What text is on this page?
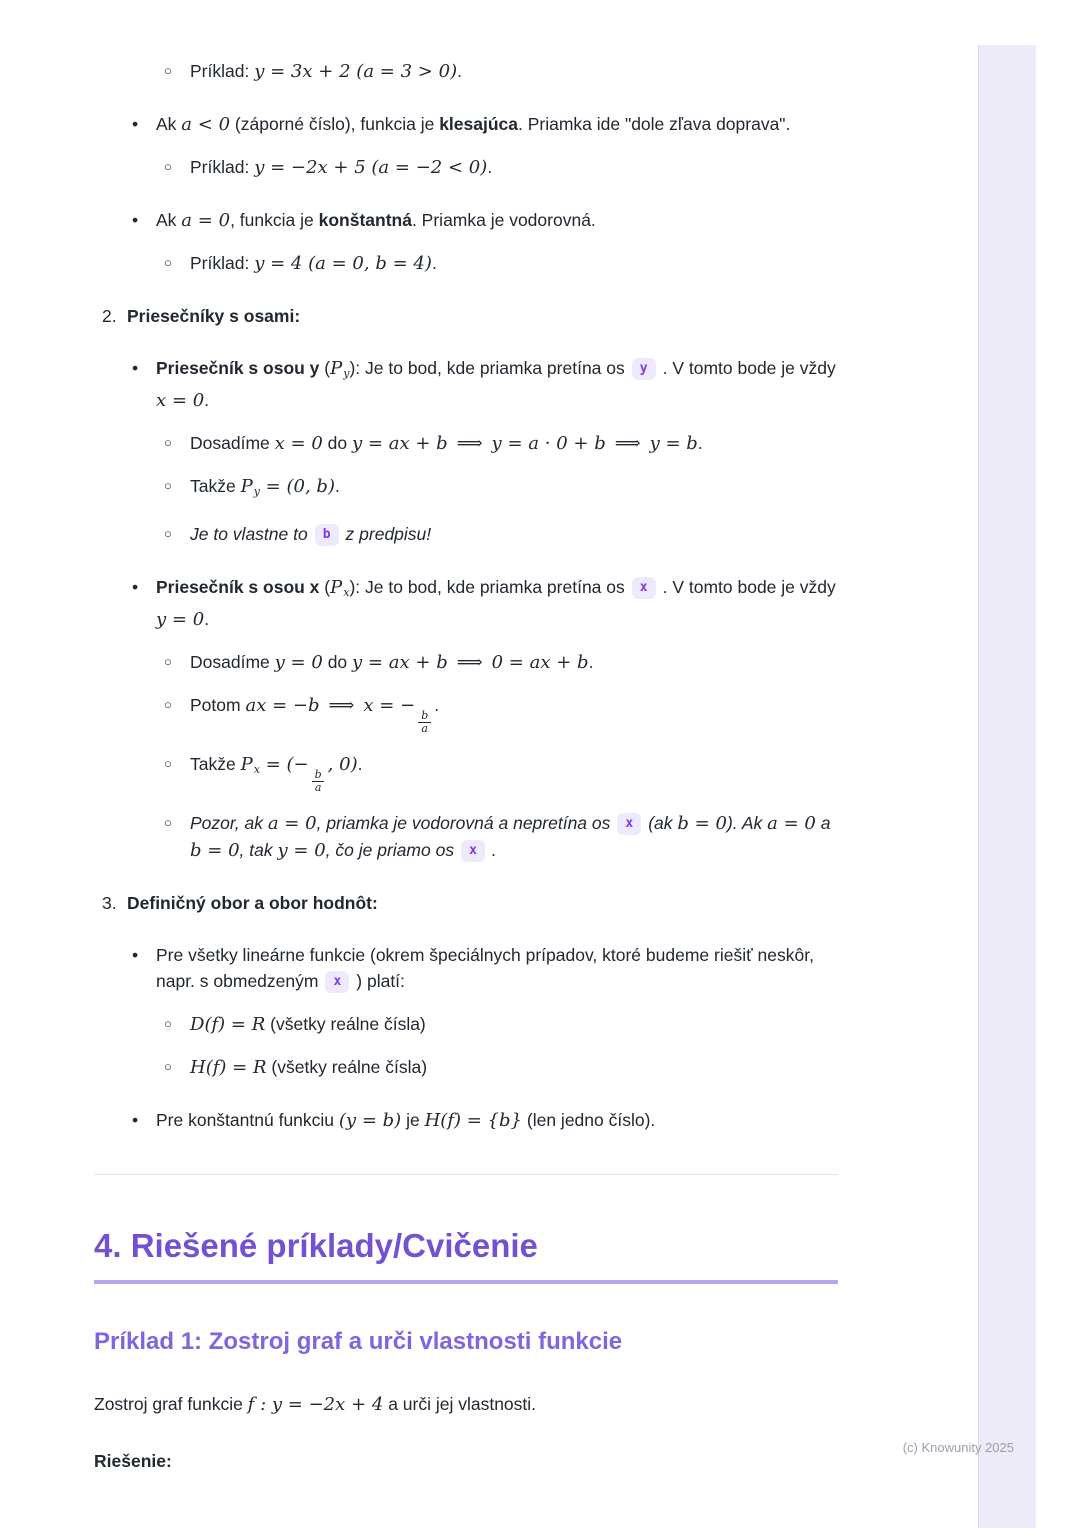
○ Príklad: y = 3x + 2 (a = 3 > 0).
• Ak a < 0 (záporné číslo), funkcia je klesajúca. Priamka ide "dole zľava doprava".
○ Príklad: y = −2x + 5 (a = −2 < 0).
• Ak a = 0, funkcia je konštantná. Priamka je vodorovná.
○ Príklad: y = 4 (a = 0, b = 4).
2. Priesečníky s osami:
• Priesečník s osou y (Py): Je to bod, kde priamka pretína os y . V tomto bode je vždy x = 0.
○ Dosadíme x = 0 do y = ax + b ⟹ y = a · 0 + b ⟹ y = b.
○ Takže Py = (0, b).
○ Je to vlastne to b z predpisu!
• Priesečník s osou x (Px): Je to bod, kde priamka pretína os x . V tomto bode je vždy y = 0.
○ Dosadíme y = 0 do y = ax + b ⟹ 0 = ax + b.
○ Potom ax = −b ⟹ x = −
$\frac{b}{a}$
.
○ Takže Px = (−
$\frac{b}{a}$
, 0).
○ Pozor, ak a = 0, priamka je vodorovná a nepretína os x (ak b = 0). Ak a = 0 a b = 0, tak y = 0, čo je priamo os x .
3. Definičný obor a obor hodnôt:
• Pre všetky lineárne funkcie (okrem špeciálnych prípadov, ktoré budeme riešiť neskôr, napr. s obmedzeným x ) platí:
○ D(f) = R (všetky reálne čísla)
○ H(f) = R (všetky reálne čísla)
• Pre konštantnú funkciu (y = b) je H(f) = {b} (len jedno číslo).
4. Riešené príklady/Cvičenie
Príklad 1: Zostroj graf a urči vlastnosti funkcie
Zostroj graf funkcie f : y = −2x + 4 a urči jej vlastnosti.
Riešenie:
(c) Knowunity 2025
